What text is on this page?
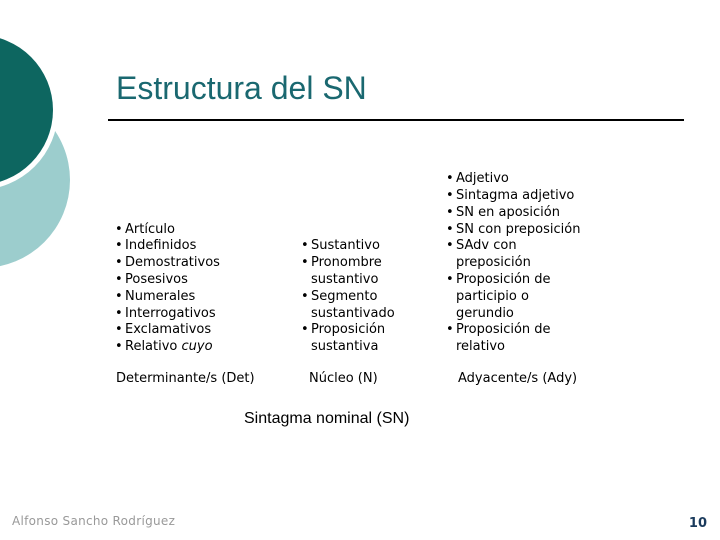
Estructura del SN
• Artículo
• Indefinidos
• Demostrativos
• Posesivos
• Numerales
• Interrogativos
• Exclamativos
• Relativo cuyo
• Sustantivo
• Pronombre sustantivo
• Segmento sustantivado
• Proposición sustantiva
• Adjetivo
• Sintagma adjetivo
• SN en aposición
• SN con preposición
• SAdv con preposición
• Proposición de participio o gerundio
• Proposición de relativo
Determinante/s (Det)	Núcleo (N)	Adyacente/s (Ady)
Sintagma nominal (SN)
Alfonso Sancho Rodríguez	10
